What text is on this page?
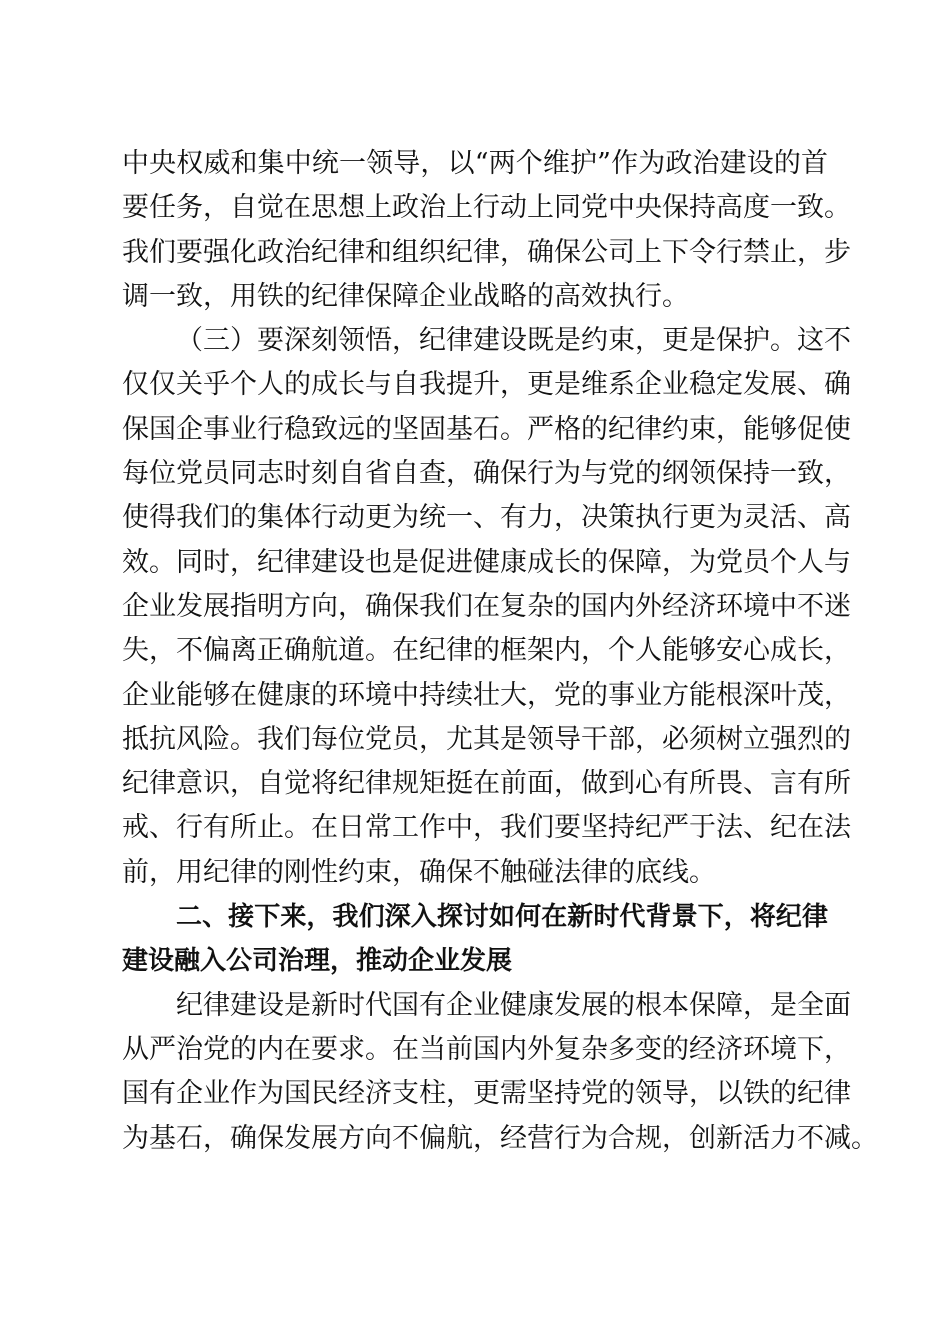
中央权威和集中统一领导，以“两个维护”作为政治建设的首
要任务，自觉在思想上政治上行动上同党中央保持高度一致。
我们要强化政治纪律和组织纪律，确保公司上下令行禁止，步
调一致，用铁的纪律保障企业战略的高效执行。
（三）要深刻领悟，纪律建设既是约束，更是保护。这不
仅仅关乎个人的成长与自我提升，更是维系企业稳定发展、确
保国企事业行稳致远的坚固基石。严格的纪律约束，能够促使
每位党员同志时刻自省自查，确保行为与党的纲领保持一致，
使得我们的集体行动更为统一、有力，决策执行更为灵活、高
效。同时，纪律建设也是促进健康成长的保障，为党员个人与
企业发展指明方向，确保我们在复杂的国内外经济环境中不迷
失，不偏离正确航道。在纪律的框架内，个人能够安心成长，
企业能够在健康的环境中持续壮大，党的事业方能根深叶茂，
抵抗风险。我们每位党员，尤其是领导干部，必须树立强烈的
纪律意识，自觉将纪律规矩挺在前面，做到心有所畏、言有所
戒、行有所止。在日常工作中，我们要坚持纪严于法、纪在法
前，用纪律的刚性约束，确保不触碰法律的底线。
二、接下来，我们深入探讨如何在新时代背景下，将纪律
建设融入公司治理，推动企业发展
纪律建设是新时代国有企业健康发展的根本保障，是全面
从严治党的内在要求。在当前国内外复杂多变的经济环境下，
国有企业作为国民经济支柱，更需坚持党的领导，以铁的纪律
为基石，确保发展方向不偏航，经营行为合规，创新活力不减。
